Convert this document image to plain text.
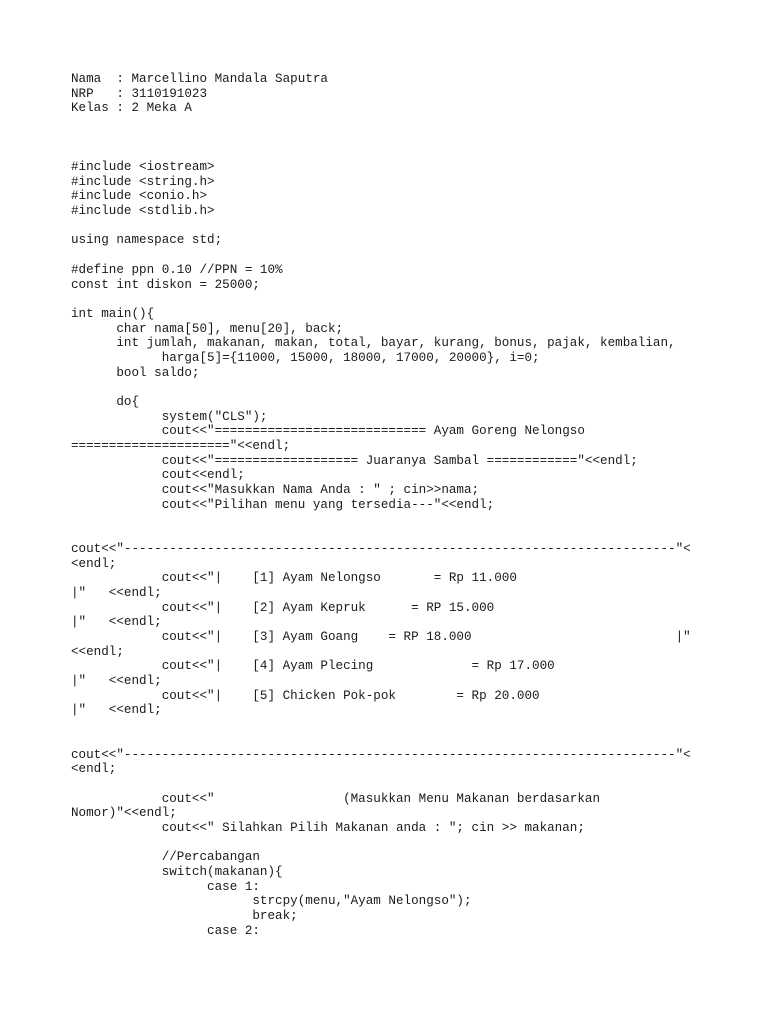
Nama  : Marcellino Mandala Saputra
NRP   : 3110191023
Kelas : 2 Meka A
#include <iostream>
#include <string.h>
#include <conio.h>
#include <stdlib.h>
using namespace std;
#define ppn 0.10 //PPN = 10%
const int diskon = 25000;
int main(){
char nama[50], menu[20], back;
int jumlah, makanan, makan, total, bayar, kurang, bonus, pajak, kembalian,
harga[5]={11000, 15000, 18000, 17000, 20000}, i=0;
bool saldo;
do{
system("CLS");
cout<<"============================ Ayam Goreng Nelongso
====================="<<endl;
cout<<"=================== Juaranya Sambal ============"<<endl;
cout<<endl;
cout<<"Masukkan Nama Anda : " ; cin>>nama;
cout<<"Pilihan menu yang tersedia---"<<endl;
cout<<"-------------------------------------------------------------------------"<
<endl;
cout<<"|    [1] Ayam Nelongso       = Rp 11.000
|"   <<endl;
cout<<"|    [2] Ayam Kepruk      = RP 15.000
|"   <<endl;
cout<<"|    [3] Ayam Goang    = RP 18.000                           |"
<<endl;
cout<<"|    [4] Ayam Plecing             = Rp 17.000
|"   <<endl;
cout<<"|    [5] Chicken Pok-pok        = Rp 20.000
|"   <<endl;
cout<<"-------------------------------------------------------------------------"<
<endl;
cout<<"                 (Masukkan Menu Makanan berdasarkan
Nomor)"<<endl;
cout<<" Silahkan Pilih Makanan anda : "; cin >> makanan;
//Percabangan
switch(makanan){
case 1:
strcpy(menu,"Ayam Nelongso");
break;
case 2:
